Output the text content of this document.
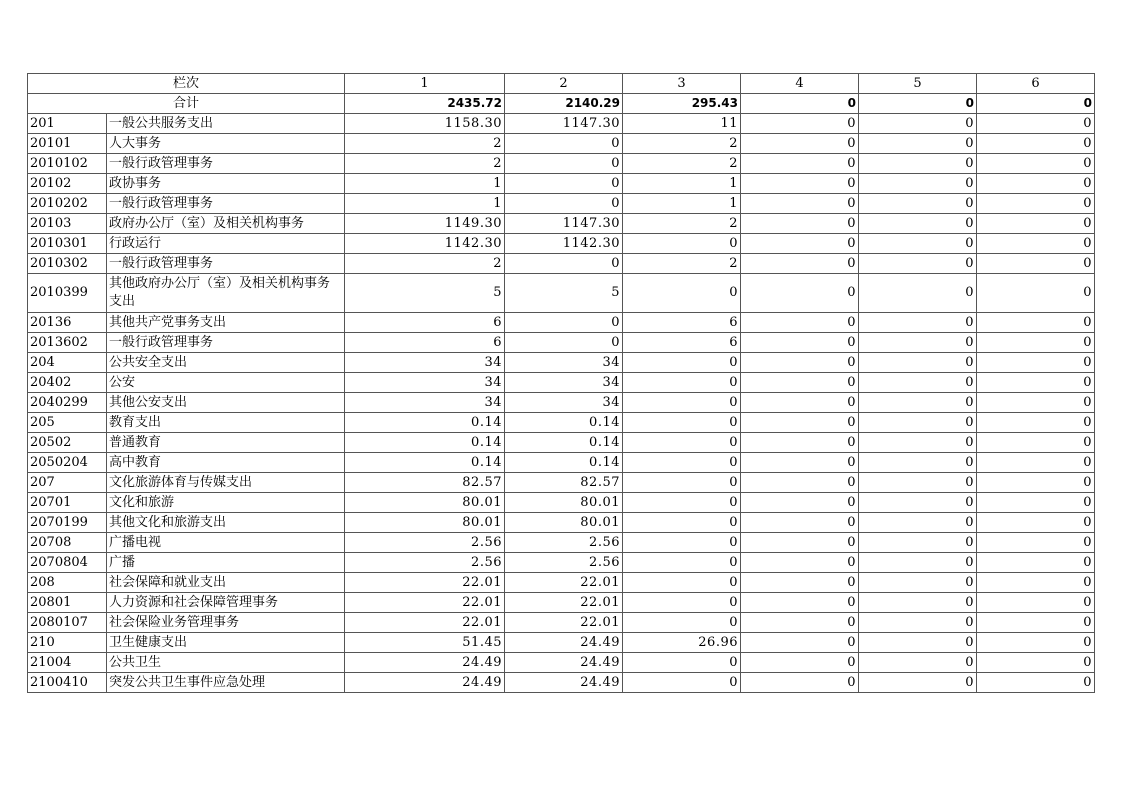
栏次		1	2	3	4	5	6
合计		2435.72	2140.29	295.43	0	0	0
201	一般公共服务支出	1158.30	1147.30	11	0	0	0
20101	人大事务	2	0	2	0	0	0
2010102	一般行政管理事务	2	0	2	0	0	0
20102	政协事务	1	0	1	0	0	0
2010202	一般行政管理事务	1	0	1	0	0	0
20103	政府办公厅（室）及相关机构事务	1149.30	1147.30	2	0	0	0
2010301	行政运行	1142.30	1142.30	0	0	0	0
2010302	一般行政管理事务	2	0	2	0	0	0
2010399	其他政府办公厅（室）及相关机构事务支出	5	5	0	0	0	0
20136	其他共产党事务支出	6	0	6	0	0	0
2013602	一般行政管理事务	6	0	6	0	0	0
204	公共安全支出	34	34	0	0	0	0
20402	公安	34	34	0	0	0	0
2040299	其他公安支出	34	34	0	0	0	0
205	教育支出	0.14	0.14	0	0	0	0
20502	普通教育	0.14	0.14	0	0	0	0
2050204	高中教育	0.14	0.14	0	0	0	0
207	文化旅游体育与传媒支出	82.57	82.57	0	0	0	0
20701	文化和旅游	80.01	80.01	0	0	0	0
2070199	其他文化和旅游支出	80.01	80.01	0	0	0	0
20708	广播电视	2.56	2.56	0	0	0	0
2070804	广播	2.56	2.56	0	0	0	0
208	社会保障和就业支出	22.01	22.01	0	0	0	0
20801	人力资源和社会保障管理事务	22.01	22.01	0	0	0	0
2080107	社会保险业务管理事务	22.01	22.01	0	0	0	0
210	卫生健康支出	51.45	24.49	26.96	0	0	0
21004	公共卫生	24.49	24.49	0	0	0	0
2100410	突发公共卫生事件应急处理	24.49	24.49	0	0	0	0
